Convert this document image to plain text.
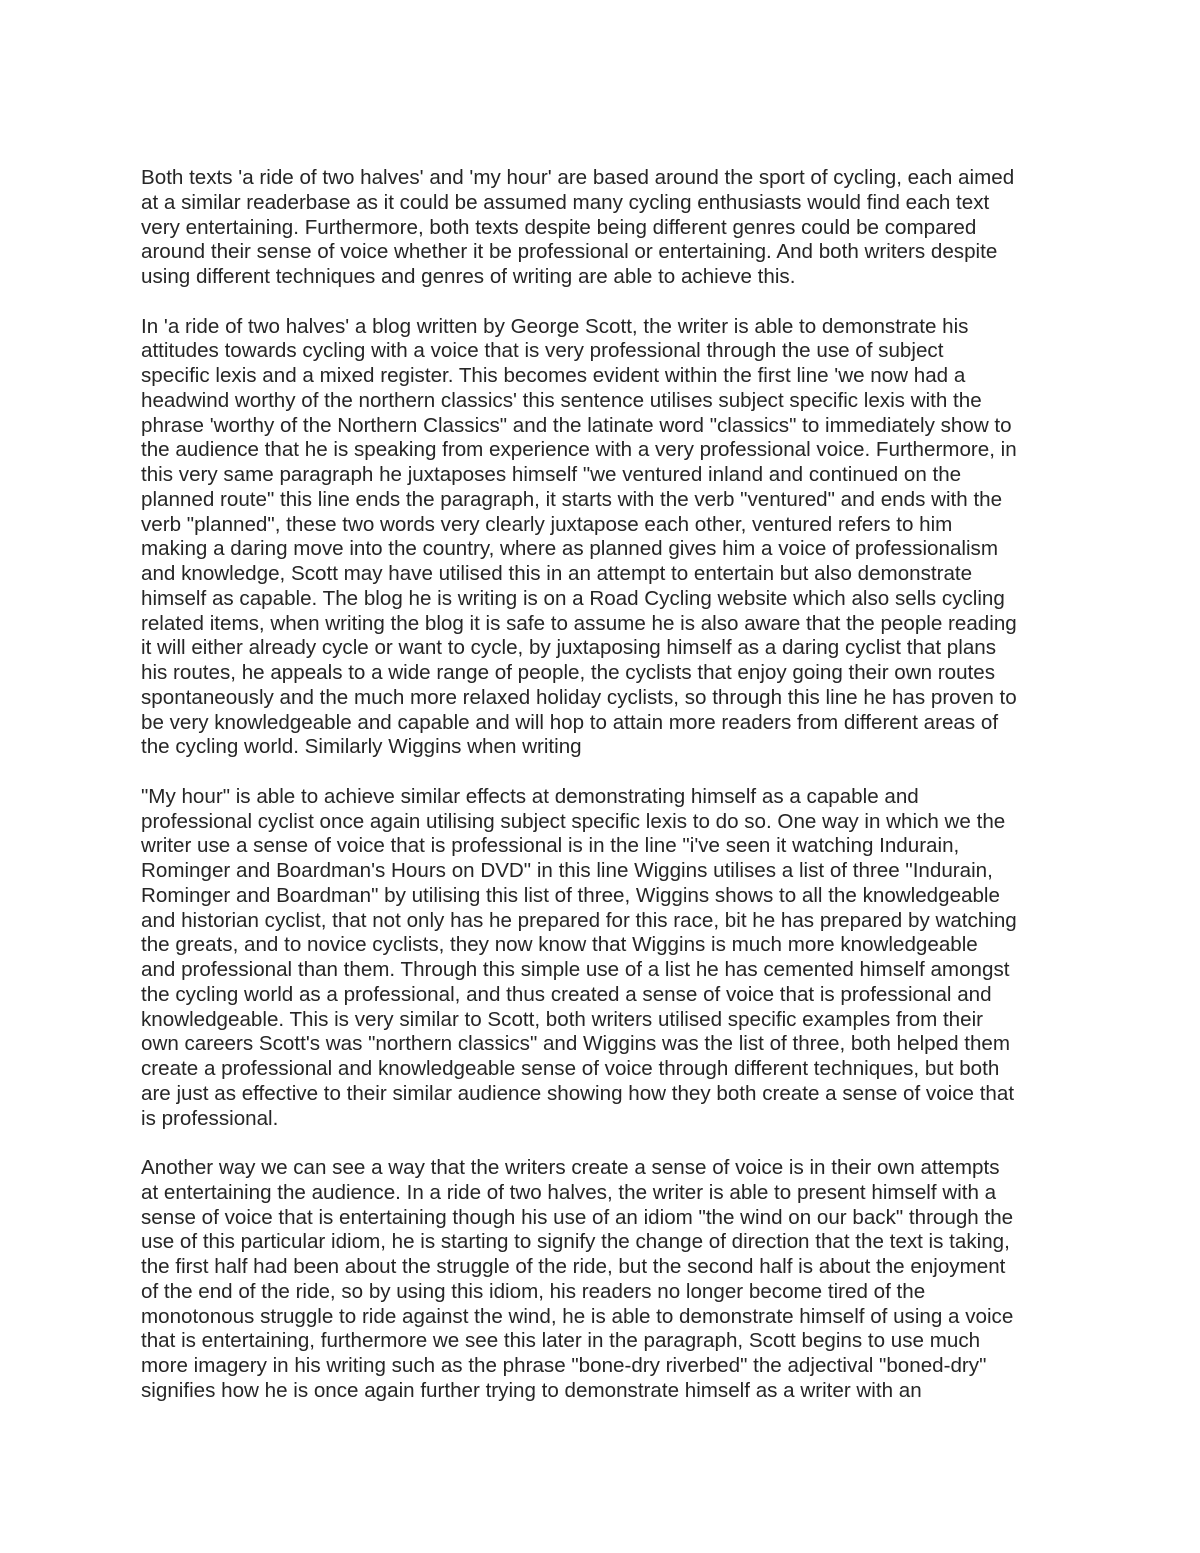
Both texts 'a ride of two halves' and 'my hour' are based around the sport of cycling, each aimed
at a similar readerbase as it could be assumed many cycling enthusiasts would find each text
very entertaining. Furthermore, both texts despite being different genres could be compared
around their sense of voice whether it be professional or entertaining. And both writers despite
using different techniques and genres of writing are able to achieve this.

In 'a ride of two halves' a blog written by George Scott, the writer is able to demonstrate his
attitudes towards cycling with a voice that is very professional through the use of subject
specific lexis and a mixed register. This becomes evident within the first line 'we now had a
headwind worthy of the northern classics' this sentence utilises subject specific lexis with the
phrase 'worthy of the Northern Classics" and the latinate word "classics" to immediately show to
the audience that he is speaking from experience with a very professional voice. Furthermore, in
this very same paragraph he juxtaposes himself "we ventured inland and continued on the
planned route" this line ends the paragraph, it starts with the verb "ventured" and ends with the
verb "planned", these two words very clearly juxtapose each other, ventured refers to him
making a daring move into the country, where as planned gives him a voice of professionalism
and knowledge, Scott may have utilised this in an attempt to entertain but also demonstrate
himself as capable. The blog he is writing is on a Road Cycling website which also sells cycling
related items, when writing the blog it is safe to assume he is also aware that the people reading
it will either already cycle or want to cycle, by juxtaposing himself as a daring cyclist that plans
his routes, he appeals to a wide range of people, the cyclists that enjoy going their own routes
spontaneously and the much more relaxed holiday cyclists, so through this line he has proven to
be very knowledgeable and capable and will hop to attain more readers from different areas of
the cycling world. Similarly Wiggins when writing

"My hour" is able to achieve similar effects at demonstrating himself as a capable and
professional cyclist once again utilising subject specific lexis to do so. One way in which we the
writer use a sense of voice that is professional is in the line "i've seen it watching Indurain,
Rominger and Boardman's Hours on DVD" in this line Wiggins utilises a list of three "Indurain,
Rominger and Boardman" by utilising this list of three, Wiggins shows to all the knowledgeable
and historian cyclist, that not only has he prepared for this race, bit he has prepared by watching
the greats, and to novice cyclists, they now know that Wiggins is much more knowledgeable
and professional than them. Through this simple use of a list he has cemented himself amongst
the cycling world as a professional, and thus created a sense of voice that is professional and
knowledgeable. This is very similar to Scott, both writers utilised specific examples from their
own careers Scott's was "northern classics" and Wiggins was the list of three, both helped them
create a professional and knowledgeable sense of voice through different techniques, but both
are just as effective to their similar audience showing how they both create a sense of voice that
is professional.

Another way we can see a way that the writers create a sense of voice is in their own attempts
at entertaining the audience. In a ride of two halves, the writer is able to present himself with a
sense of voice that is entertaining though his use of an idiom "the wind on our back" through the
use of this particular idiom, he is starting to signify the change of direction that the text is taking,
the first half had been about the struggle of the ride, but the second half is about the enjoyment
of the end of the ride, so by using this idiom, his readers no longer become tired of the
monotonous struggle to ride against the wind, he is able to demonstrate himself of using a voice
that is entertaining, furthermore we see this later in the paragraph, Scott begins to use much
more imagery in his writing such as the phrase "bone-dry riverbed" the adjectival "boned-dry"
signifies how he is once again further trying to demonstrate himself as a writer with an
